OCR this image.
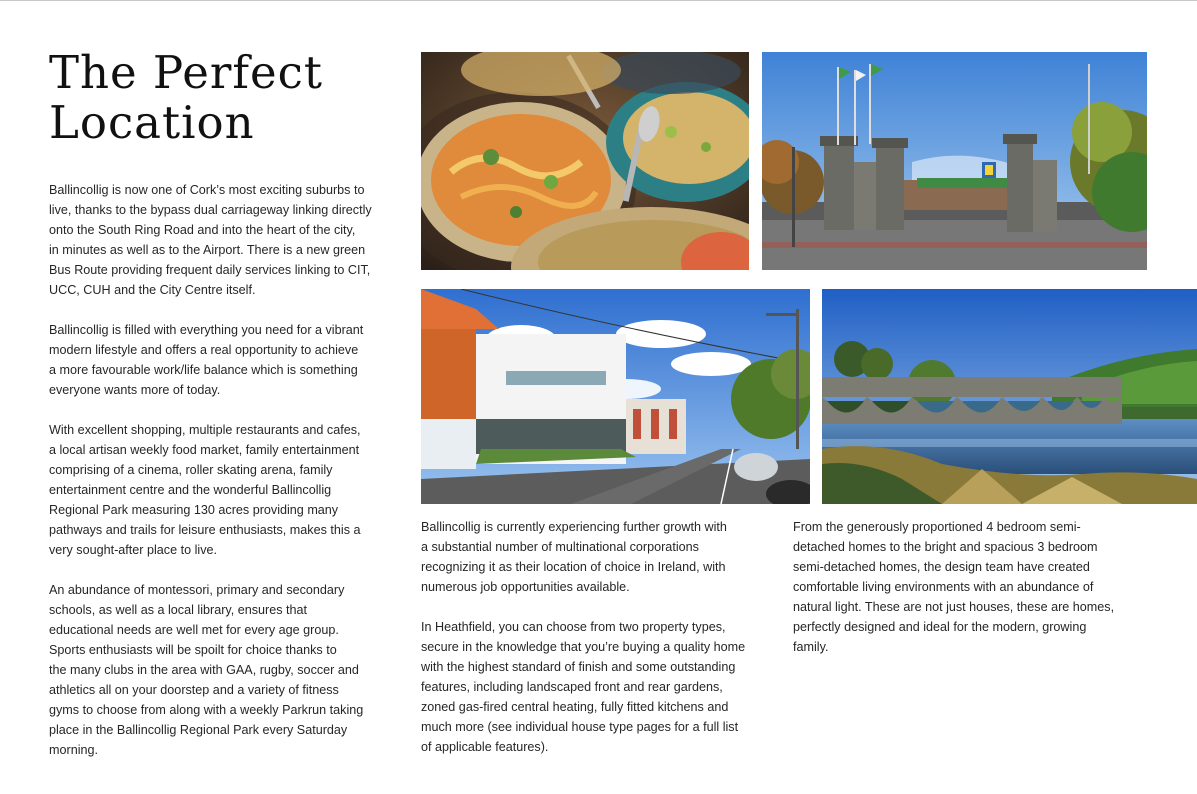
The Perfect
Location

Ballincollig is now one of Cork’s most exciting suburbs to
live, thanks to the bypass dual carriageway linking directly
onto the South Ring Road and into the heart of the city,
in minutes as well as to the Airport. There is a new green
Bus Route providing frequent daily services linking to CIT,
UCC, CUH and the City Centre itself.

Ballincollig is filled with everything you need for a vibrant
modern lifestyle and offers a real opportunity to achieve
a more favourable work/life balance which is something
everyone wants more of today.

With excellent shopping, multiple restaurants and cafes,
a local artisan weekly food market, family entertainment
comprising of a cinema, roller skating arena, family
entertainment centre and the wonderful Ballincollig
Regional Park measuring 130 acres providing many
pathways and trails for leisure enthusiasts, makes this a
very sought-after place to live.

An abundance of montessori, primary and secondary
schools, as well as a local library, ensures that
educational needs are well met for every age group.
Sports enthusiasts will be spoilt for choice thanks to
the many clubs in the area with GAA, rugby, soccer and
athletics all on your doorstep and a variety of fitness
gyms to choose from along with a weekly Parkrun taking
place in the Ballincollig Regional Park every Saturday
morning.

Ballincollig is currently experiencing further growth with
a substantial number of multinational corporations
recognizing it as their location of choice in Ireland, with
numerous job opportunities available.

In Heathfield, you can choose from two property types,
secure in the knowledge that you’re buying a quality home
with the highest standard of finish and some outstanding
features, including landscaped front and rear gardens,
zoned gas-fired central heating, fully fitted kitchens and
much more (see individual house type pages for a full list
of applicable features).

From the generously proportioned 4 bedroom semi-
detached homes to the bright and spacious 3 bedroom
semi-detached homes, the design team have created
comfortable living environments with an abundance of
natural light. These are not just houses, these are homes,
perfectly designed and ideal for the modern, growing
family.
